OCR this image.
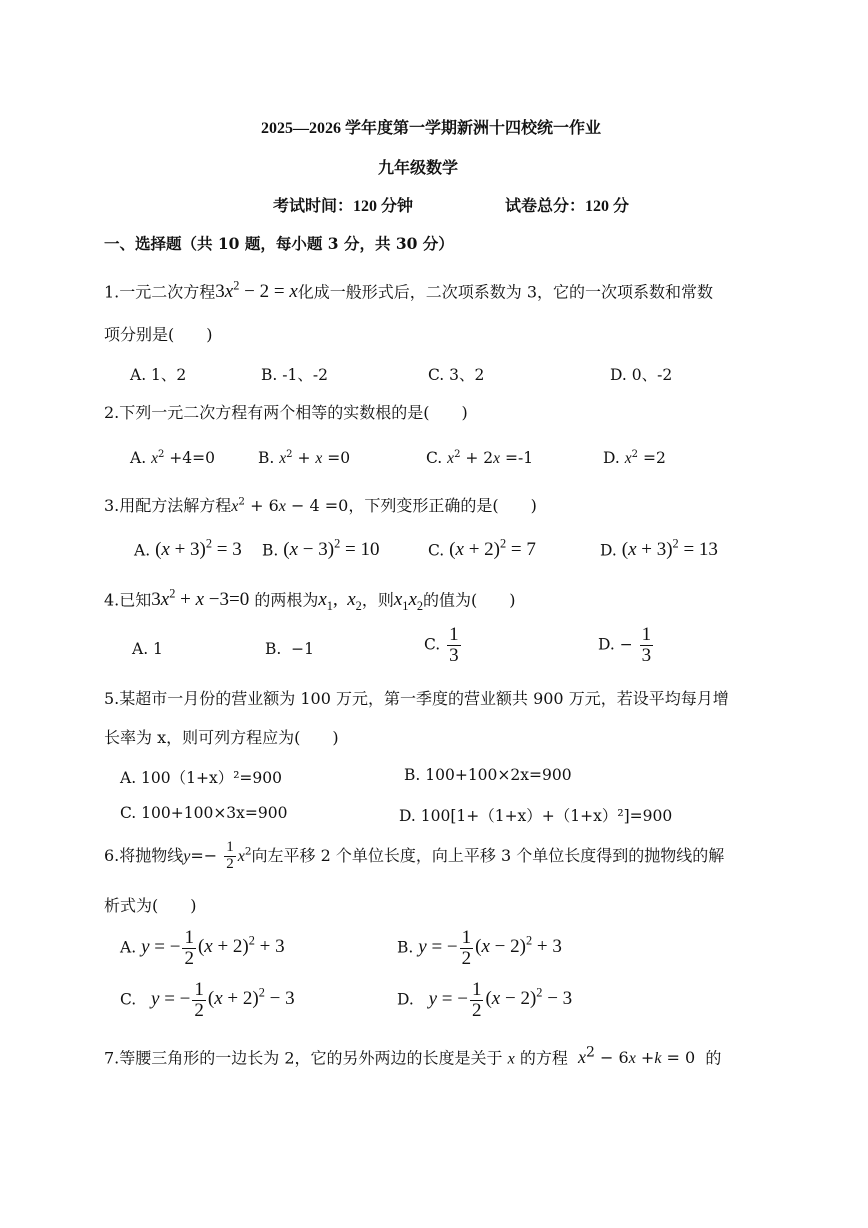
2025—2026 学年度第一学期新洲十四校统一作业
九年级数学
考试时间：120 分钟	试卷总分：120 分
一、选择题（共 10 题，每小题 3 分，共 30 分）
1.一元二次方程$3x^2 - 2 = x$化成一般形式后，二次项系数为 3，它的一次项系数和常数
项分别是(　　)
A. 1、2	B. -1、-2	C. 3、2	D. 0、-2
2.下列一元二次方程有两个相等的实数根的是(　　)
A. $x^2 +4=0$	B. $x^2 + x =0$	C. $x^2 + 2x =-1$	D. $x^2 =2$
3.用配方法解方程$x^2 + 6x - 4 =0$，下列变形正确的是(　　)
A. $(x + 3)^2 = 3$ B. $(x - 3)^2 = 10$	C. $(x + 2)^2 = 7$	D. $(x + 3)^2 = 13$
4.已知$3x^2 + x -3=0$ 的两根为$x_1$,  $x_2$，则$x_1x_2$的值为(　　)
A. 1	B.  −1	C. $\frac{1}{3}$	D. − $\frac{1}{3}$
5.某超市一月份的营业额为 100 万元，第一季度的营业额共 900 万元，若设平均每月增
长率为 x，则可列方程应为(　　)
A. 100（1+x）²=900	B. 100+100×2x=900
C. 100+100×3x=900	D. 100[1+（1+x）+（1+x）²]=900
6.将抛物线$y=- \frac{1}{2} x^2$向左平移 2 个单位长度，向上平移 3 个单位长度得到的抛物线的解
析式为(　　)
A. y = − $\frac{1}{2} (x + 2)^2 + 3$	B. y = − $\frac{1}{2} (x - 2)^2 + 3$
C.   y = − $\frac{1}{2} (x + 2)^2 - 3$	D.   y = − $\frac{1}{2} (x - 2)^2 - 3$
7.等腰三角形的一边长为 2，它的另外两边的长度是关于 x 的方程 $x^2 - 6x +k = 0$ 的
